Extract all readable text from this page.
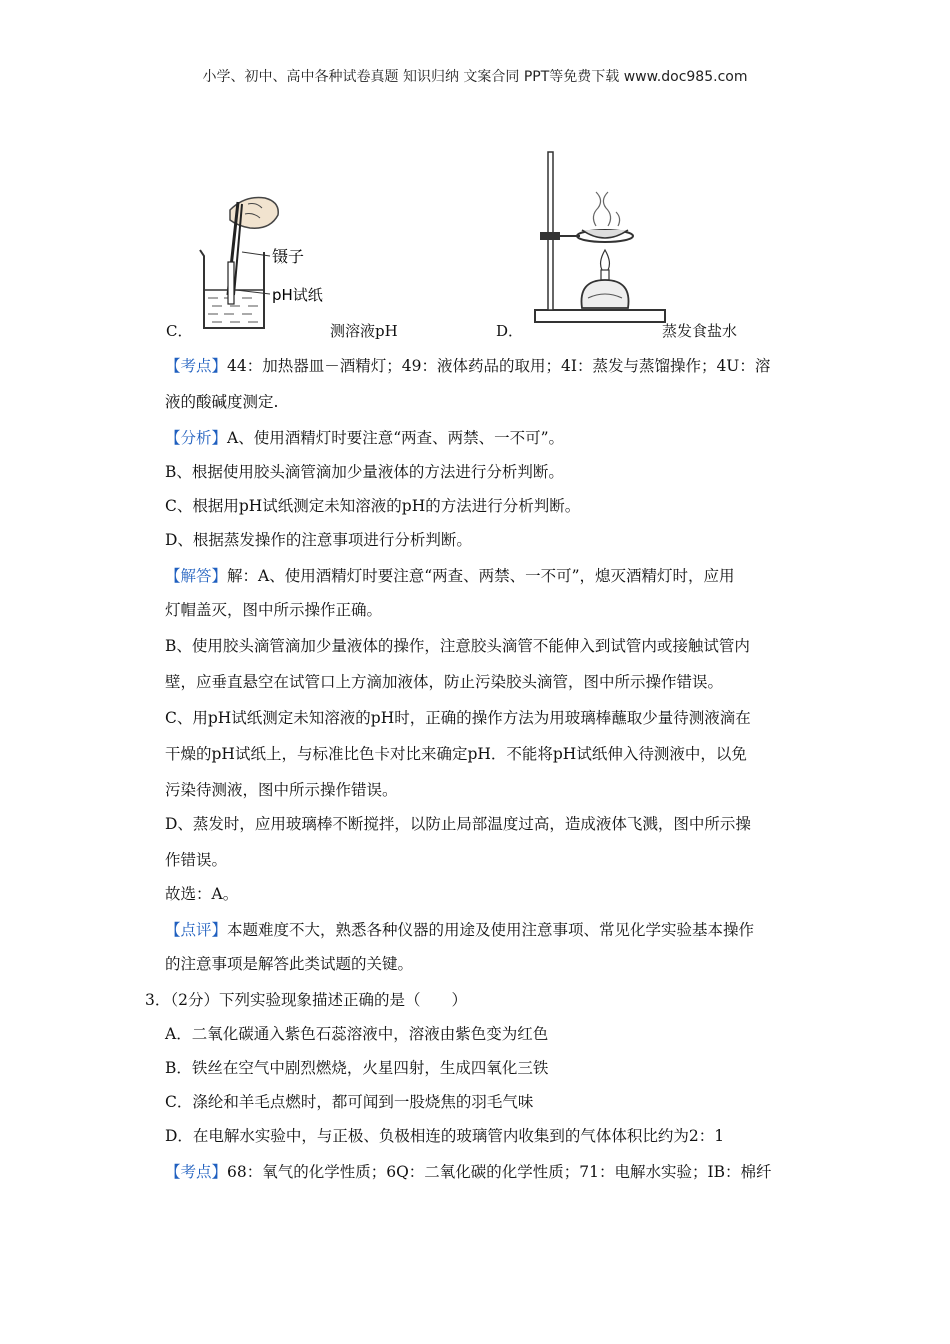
小学、初中、高中各种试卷真题 知识归纳 文案合同 PPT等免费下载 www.doc985.com
镊子
pH试纸
C．	测溶液pH	D．	蒸发食盐水
【考点】44：加热器皿－酒精灯；49：液体药品的取用；4I：蒸发与蒸馏操作；4U：溶
液的酸碱度测定.
【分析】A、使用酒精灯时要注意“两查、两禁、一不可”。
B、根据使用胶头滴管滴加少量液体的方法进行分析判断。
C、根据用pH试纸测定未知溶液的pH的方法进行分析判断。
D、根据蒸发操作的注意事项进行分析判断。
【解答】解：A、使用酒精灯时要注意“两查、两禁、一不可”，熄灭酒精灯时，应用
灯帽盖灭，图中所示操作正确。
B、使用胶头滴管滴加少量液体的操作，注意胶头滴管不能伸入到试管内或接触试管内
壁，应垂直悬空在试管口上方滴加液体，防止污染胶头滴管，图中所示操作错误。
C、用pH试纸测定未知溶液的pH时，正确的操作方法为用玻璃棒蘸取少量待测液滴在
干燥的pH试纸上，与标准比色卡对比来确定pH．不能将pH试纸伸入待测液中，以免
污染待测液，图中所示操作错误。
D、蒸发时，应用玻璃棒不断搅拌，以防止局部温度过高，造成液体飞溅，图中所示操
作错误。
故选：A。
【点评】本题难度不大，熟悉各种仪器的用途及使用注意事项、常见化学实验基本操作
的注意事项是解答此类试题的关键。
3．（2分）下列实验现象描述正确的是（　　）
A．二氧化碳通入紫色石蕊溶液中，溶液由紫色变为红色
B．铁丝在空气中剧烈燃烧，火星四射，生成四氧化三铁
C．涤纶和羊毛点燃时，都可闻到一股烧焦的羽毛气味
D．在电解水实验中，与正极、负极相连的玻璃管内收集到的气体体积比约为2：1
【考点】68：氧气的化学性质；6Q：二氧化碳的化学性质；71：电解水实验；IB：棉纤
